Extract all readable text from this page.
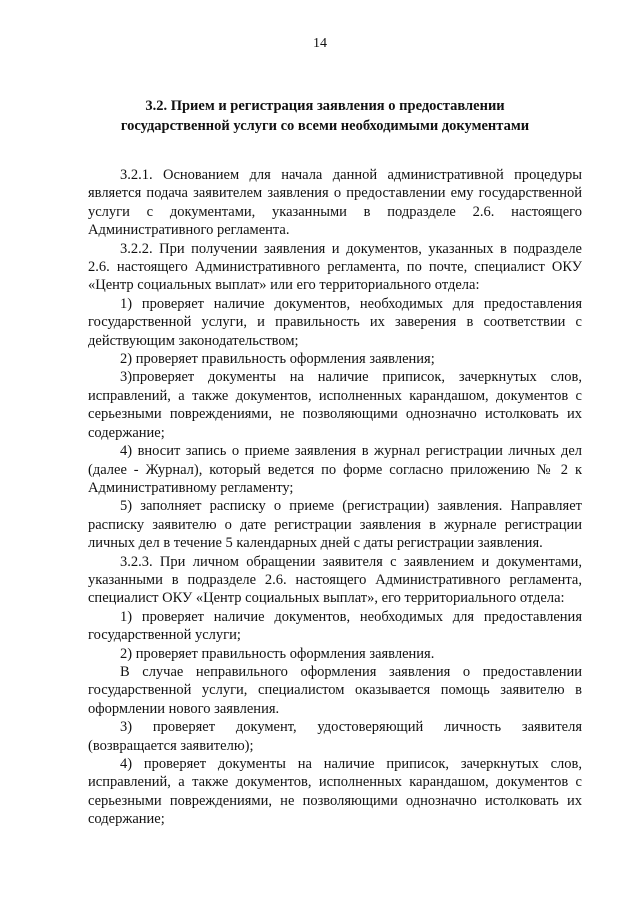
14
3.2. Прием и регистрация заявления о предоставлении
государственной услуги со всеми необходимыми документами

3.2.1. Основанием для начала данной административной процедуры является подача заявителем заявления о предоставлении ему государственной услуги с документами, указанными в подразделе 2.6. настоящего Административного регламента.

3.2.2. При получении заявления и документов, указанных в подразделе 2.6. настоящего Административного регламента, по почте, специалист ОКУ «Центр социальных выплат» или его территориального отдела:

1) проверяет наличие документов, необходимых для предоставления государственной услуги, и правильность их заверения в соответствии с действующим законодательством;

2) проверяет правильность оформления заявления;

3)проверяет документы на наличие приписок, зачеркнутых слов, исправлений, а также документов, исполненных карандашом, документов с серьезными повреждениями, не позволяющими однозначно истолковать их содержание;

4) вносит запись о приеме заявления в журнал регистрации личных дел (далее - Журнал), который ведется по форме согласно приложению № 2 к Административному регламенту;

5) заполняет расписку о приеме (регистрации) заявления. Направляет расписку заявителю о дате регистрации заявления в журнале регистрации личных дел в течение 5 календарных дней с даты регистрации заявления.

3.2.3. При личном обращении заявителя с заявлением и документами, указанными в подразделе 2.6. настоящего Административного регламента, специалист ОКУ «Центр социальных выплат», его территориального отдела:

1) проверяет наличие документов, необходимых для предоставления государственной услуги;

2) проверяет правильность оформления заявления.

В случае неправильного оформления заявления о предоставлении государственной услуги, специалистом оказывается помощь заявителю в оформлении нового заявления.

3) проверяет документ, удостоверяющий личность заявителя (возвращается заявителю);

4) проверяет документы на наличие приписок, зачеркнутых слов, исправлений, а также документов, исполненных карандашом, документов с серьезными повреждениями, не позволяющими однозначно истолковать их содержание;
